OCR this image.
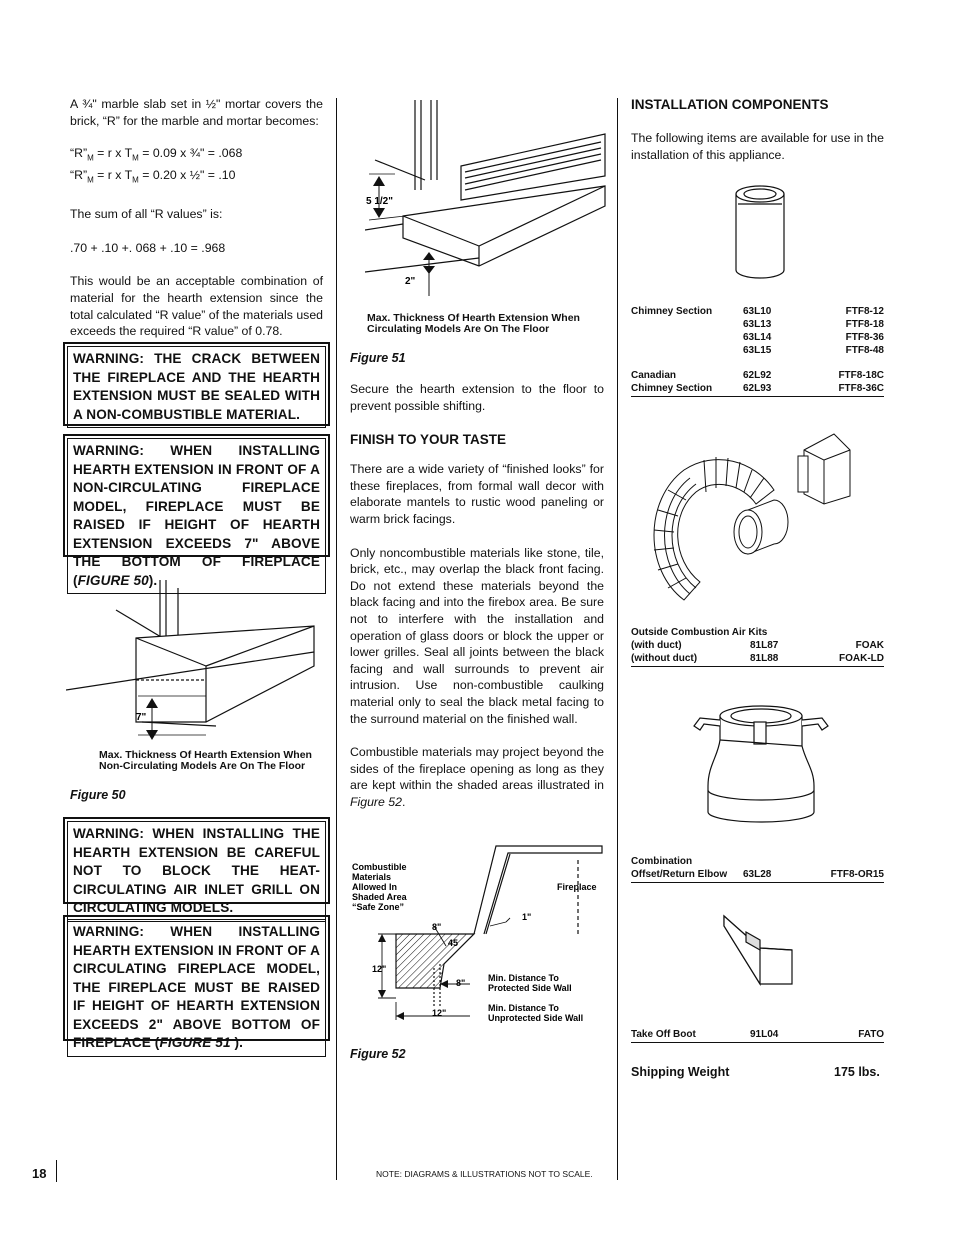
A ¾" marble slab set in ½" mortar covers the brick, “R” for the marble and mortar becomes:

“$R”_M = r$ x $T_M = 0.09$ x ¾" = .068

“$R”_M = r$ x $T_M = 0.20$ x ½" = .10

The sum of all “R values” is:

.70 + .10 +. 068 + .10 = .968

This would be an acceptable combination of material for the hearth extension since the total calculated “R value” of the materials used exceeds the required “R value” of 0.78.

WARNING: THE CRACK BETWEEN THE FIREPLACE AND THE HEARTH EXTENSION MUST BE SEALED WITH A NON-COMBUSTIBLE MATERIAL.
WARNING: WHEN INSTALLING HEARTH EXTENSION IN FRONT OF A NON-CIRCULATING FIREPLACE MODEL, FIREPLACE MUST BE RAISED IF HEIGHT OF HEARTH EXTENSION EXCEEDS 7" ABOVE THE BOTTOM OF FIREPLACE (FIGURE 50).
7"
Max. Thickness Of Hearth Extension When Non-Circulating Models Are On The Floor
Figure 50
WARNING: WHEN INSTALLING THE HEARTH EXTENSION BE CAREFUL NOT TO BLOCK THE HEAT-CIRCULATING AIR INLET GRILL ON CIRCULATING MODELS.
WARNING: WHEN INSTALLING HEARTH EXTENSION IN FRONT OF A CIRCULATING FIREPLACE MODEL, THE FIREPLACE MUST BE RAISED IF HEIGHT OF HEARTH EXTENSION EXCEEDS 2" ABOVE BOTTOM OF FIREPLACE (FIGURE 51 ).
18
5 1/2"
2"
Max. Thickness Of Hearth Extension When Circulating Models Are On The Floor
Figure 51

Secure the hearth extension to the floor to prevent possible shifting.

FINISH TO YOUR TASTE

There are a wide variety of “finished looks” for these fireplaces, from formal wall decor with elaborate mantels to rustic wood paneling or warm brick facings.

Only noncombustible materials like stone, tile, brick, etc., may overlap the black front facing. Do not extend these materials beyond the black facing and into the firebox area. Be sure not to interfere with the installation and operation of glass doors or block the upper or lower grilles. Seal all joints between the black facing and wall surrounds to prevent air intrusion. Use non-combustible caulking material only to seal the black metal facing to the surround material on the finished wall.

Combustible materials may project beyond the sides of the fireplace opening as long as they are kept within the shaded areas illustrated in Figure 52.

Combustible
Materials
Allowed In
Shaded Area
“Safe Zone”
Fireplace
1"
8"
45
12"
8"
12"
Min. Distance To
Protected Side Wall
Min. Distance To
Unprotected Side Wall
Figure 52
NOTE: DIAGRAMS & ILLUSTRATIONS NOT TO SCALE.

INSTALLATION COMPONENTS

The following items are available for use in the installation of this appliance.

Chimney Section	63L10	FTF8-12
63L13	FTF8-18
63L14	FTF8-36
63L15	FTF8-48
Canadian	62L92	FTF8-18C
Chimney Section	62L93	FTF8-36C
Outside Combustion Air Kits
(with duct)	81L87	FOAK
(without duct)	81L88	FOAK-LD
Combination
Offset/Return Elbow 63L28	FTF8-OR15
Take Off Boot	91L04	FATO
Shipping Weight	175 lbs.
